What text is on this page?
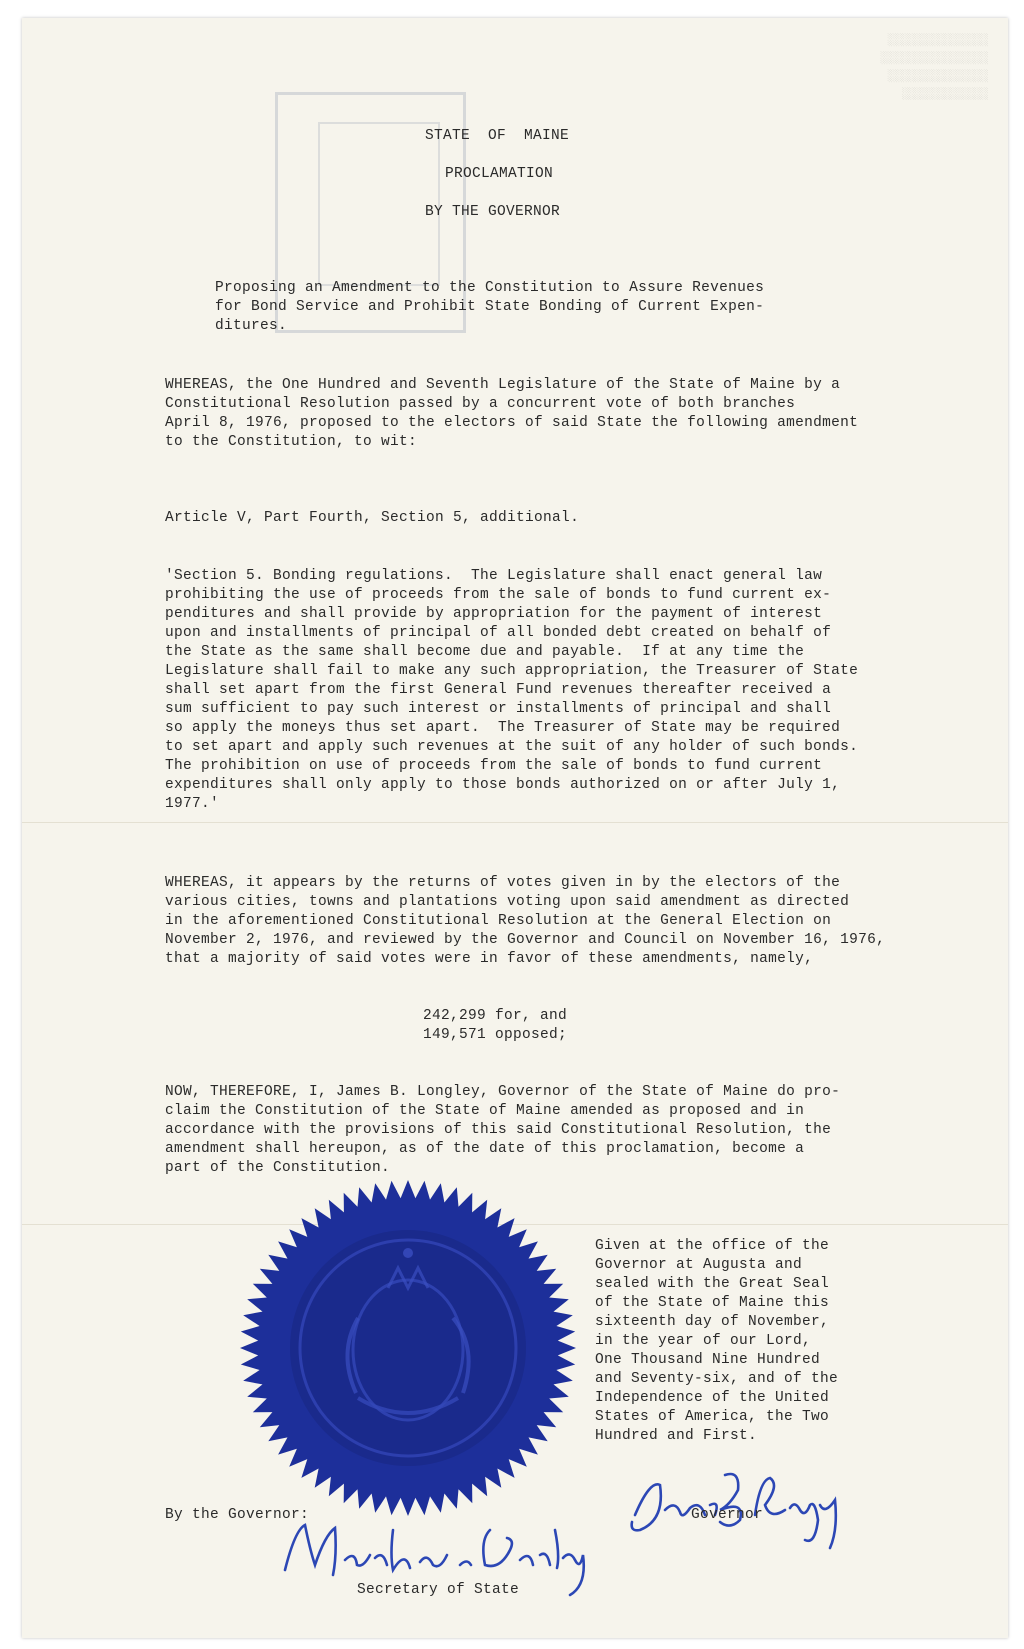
░░░░░░░░░░░░
░░░░░░░░░░░░░░
░░░░░░░░░░░░░░░
░░░░░░░░░░░░░░
STATE  OF  MAINE
PROCLAMATION
BY THE GOVERNOR
Proposing an Amendment to the Constitution to Assure Revenues
for Bond Service and Prohibit State Bonding of Current Expen-
ditures.
WHEREAS, the One Hundred and Seventh Legislature of the State of Maine by a
Constitutional Resolution passed by a concurrent vote of both branches
April 8, 1976, proposed to the electors of said State the following amendment
to the Constitution, to wit:
Article V, Part Fourth, Section 5, additional.
'Section 5. Bonding regulations.  The Legislature shall enact general law
prohibiting the use of proceeds from the sale of bonds to fund current ex-
penditures and shall provide by appropriation for the payment of interest
upon and installments of principal of all bonded debt created on behalf of
the State as the same shall become due and payable.  If at any time the
Legislature shall fail to make any such appropriation, the Treasurer of State
shall set apart from the first General Fund revenues thereafter received a
sum sufficient to pay such interest or installments of principal and shall
so apply the moneys thus set apart.  The Treasurer of State may be required
to set apart and apply such revenues at the suit of any holder of such bonds.
The prohibition on use of proceeds from the sale of bonds to fund current
expenditures shall only apply to those bonds authorized on or after July 1,
1977.'
WHEREAS, it appears by the returns of votes given in by the electors of the
various cities, towns and plantations voting upon said amendment as directed
in the aforementioned Constitutional Resolution at the General Election on
November 2, 1976, and reviewed by the Governor and Council on November 16, 1976,
that a majority of said votes were in favor of these amendments, namely,
242,299 for, and
149,571 opposed;
NOW, THEREFORE, I, James B. Longley, Governor of the State of Maine do pro-
claim the Constitution of the State of Maine amended as proposed and in
accordance with the provisions of this said Constitutional Resolution, the
amendment shall hereupon, as of the date of this proclamation, become a
part of the Constitution.
Given at the office of the
Governor at Augusta and
sealed with the Great Seal
of the State of Maine this
sixteenth day of November,
in the year of our Lord,
One Thousand Nine Hundred
and Seventy-six, and of the
Independence of the United
States of America, the Two
Hundred and First.
Governor
By the Governor:
Secretary of State
